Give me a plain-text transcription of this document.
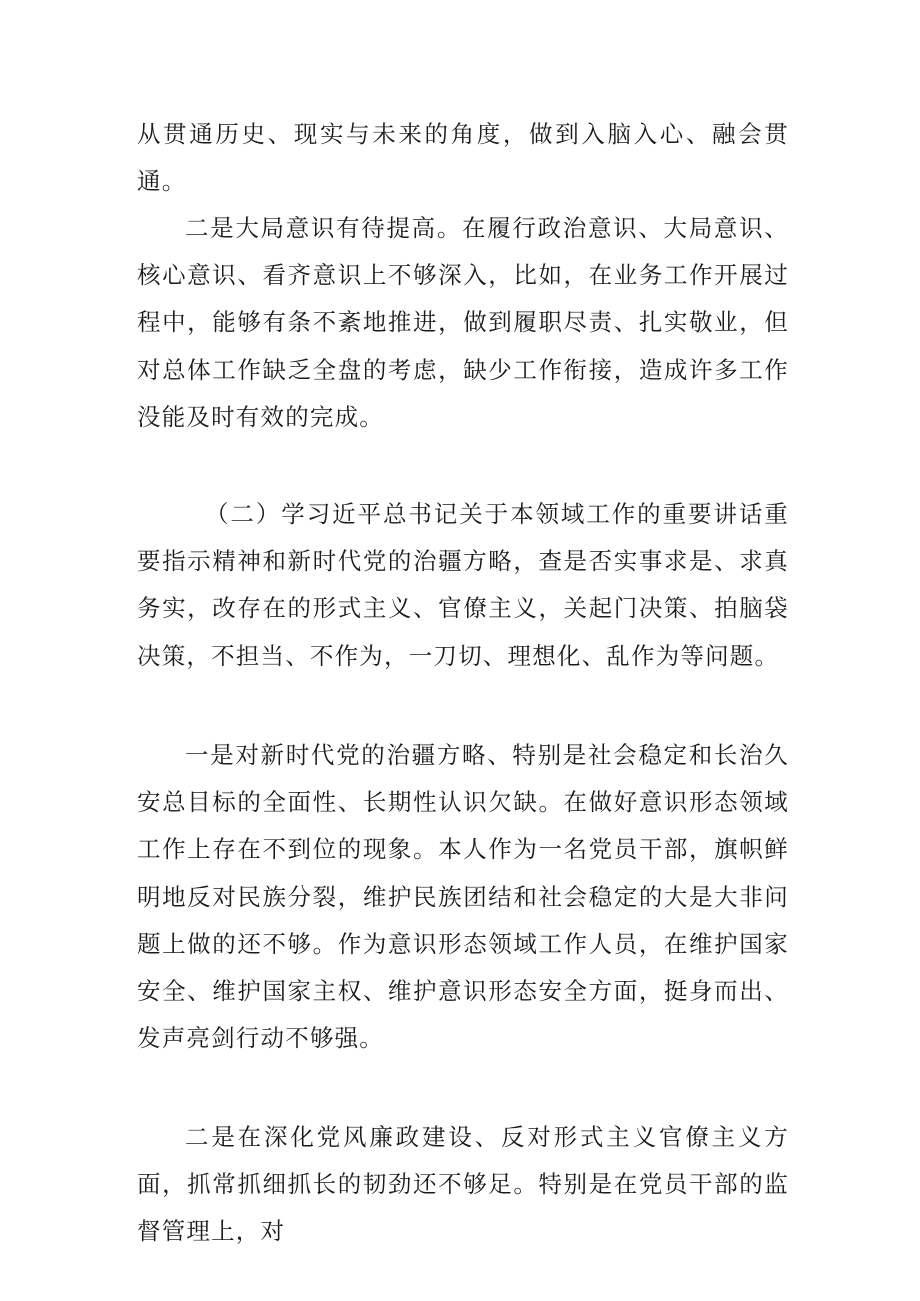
从贯通历史、现实与未来的角度，做到入脑入心、融会贯通。

二是大局意识有待提高。在履行政治意识、大局意识、核心意识、看齐意识上不够深入，比如，在业务工作开展过程中，能够有条不紊地推进，做到履职尽责、扎实敬业，但对总体工作缺乏全盘的考虑，缺少工作衔接，造成许多工作没能及时有效的完成。

（二）学习近平总书记关于本领域工作的重要讲话重要指示精神和新时代党的治疆方略，查是否实事求是、求真务实，改存在的形式主义、官僚主义，关起门决策、拍脑袋决策，不担当、不作为，一刀切、理想化、乱作为等问题。

一是对新时代党的治疆方略、特别是社会稳定和长治久安总目标的全面性、长期性认识欠缺。在做好意识形态领域工作上存在不到位的现象。本人作为一名党员干部，旗帜鲜明地反对民族分裂，维护民族团结和社会稳定的大是大非问题上做的还不够。作为意识形态领域工作人员，在维护国家安全、维护国家主权、维护意识形态安全方面，挺身而出、发声亮剑行动不够强。

二是在深化党风廉政建设、反对形式主义官僚主义方面，抓常抓细抓长的韧劲还不够足。特别是在党员干部的监督管理上，对
